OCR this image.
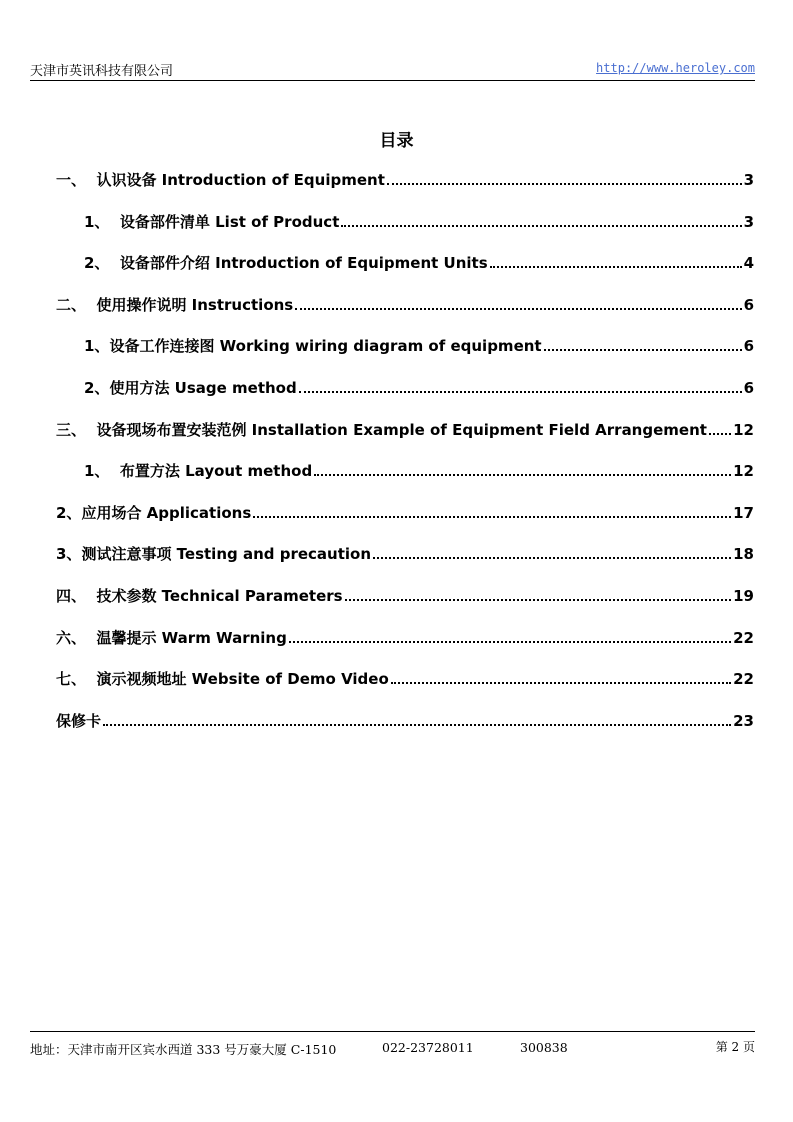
天津市英讯科技有限公司	http://www.heroley.com
目录
一、 认识设备 Introduction of Equipment	3
1、 设备部件清单 List of Product	3
2、 设备部件介绍 Introduction of Equipment Units	4
二、 使用操作说明 Instructions	6
1、 设备工作连接图 Working wiring diagram of equipment	6
2、 使用方法 Usage method	6
三、 设备现场布置安装范例 Installation Example of Equipment Field Arrangement 12
1、 布置方法 Layout method	12
2、 应用场合 Applications	17
3、 测试注意事项 Testing and precaution	18
四、 技术参数 Technical Parameters	19
六、 温馨提示 Warm Warning	22
七、 演示视频地址 Website of Demo Video	22
保修卡	23
地址：天津市南开区宾水西道 333 号万豪大厦 C-1510	022-23728011	300838	第 2 页
